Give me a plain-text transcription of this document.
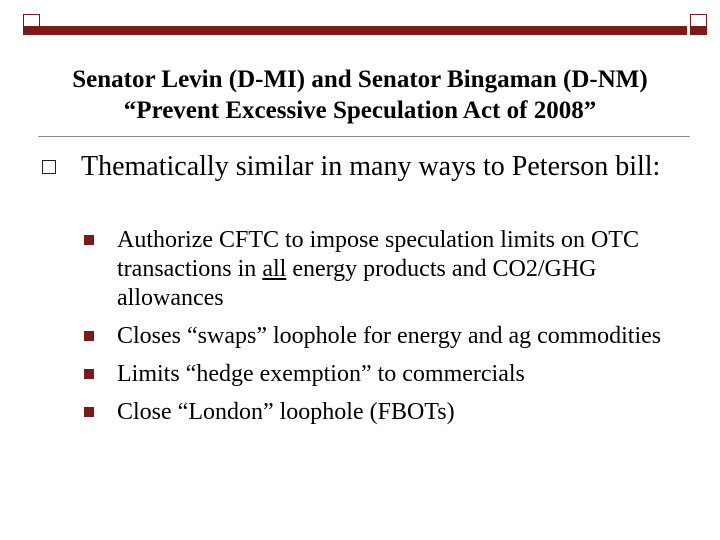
Senator Levin (D-MI) and Senator Bingaman (D-NM)
“Prevent Excessive Speculation Act of 2008”
Thematically similar in many ways to Peterson bill:
Authorize CFTC to impose speculation limits on OTC transactions in all energy products and CO2/GHG allowances
Closes “swaps” loophole for energy and ag commodities
Limits “hedge exemption” to commercials
Close “London” loophole (FBOTs)
